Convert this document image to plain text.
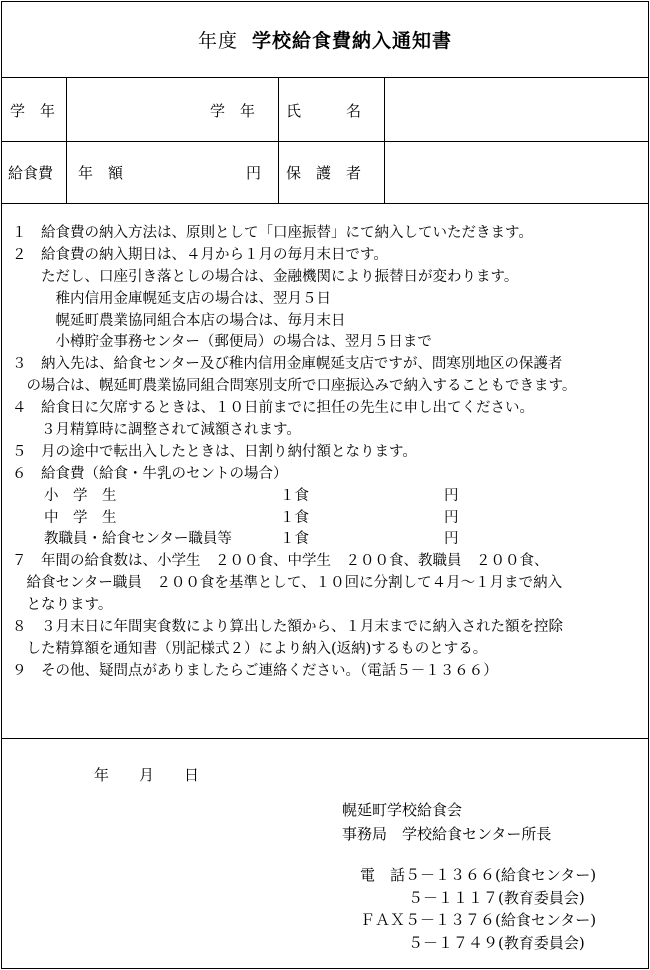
年度 学校給食費納入通知書
学　年	学　年 氏　　　名
給食費 年　額	円 保　護　者
１　給食費の納入方法は、原則として「口座振替」にて納入していただきます。
２　給食費の納入期日は、４月から１月の毎月末日です。
　　ただし、口座引き落としの場合は、金融機関により振替日が変わります。
　　　稚内信用金庫幌延支店の場合は、翌月５日
　　　幌延町農業協同組合本店の場合は、毎月末日
　　　小樽貯金事務センター（郵便局）の場合は、翌月５日まで
３　納入先は、給食センター及び稚内信用金庫幌延支店ですが、問寒別地区の保護者
　の場合は、幌延町農業協同組合問寒別支所で口座振込みで納入することもできます。
４　給食日に欠席するときは、１０日前までに担任の先生に申し出てください。
　　３月精算時に調整されて減額されます。
５　月の途中で転出入したときは、日割り納付額となります。
６　給食費（給食・牛乳のセントの場合）
小　学　生	１食	円
中　学　生	１食	円
教職員・給食センター職員等	１食	円
７　年間の給食数は、小学生　２００食、中学生　２００食、教職員　２００食、
　給食センター職員　２００食を基準として、１０回に分割して４月～１月まで納入
　となります。
８　３月末日に年間実食数により算出した額から、１月末までに納入された額を控除
　した精算額を通知書（別記様式２）により納入(返納)するものとする。
９　その他、疑問点がありましたらご連絡ください。（電話５－１３６６）
年　　月　　日
幌延町学校給食会
事務局　学校給食センター所長
電　話５－１３６６(給食センター)
５－１１１７(教育委員会)
ＦＡＸ５－１３７６(給食センター)
５－１７４９(教育委員会)
